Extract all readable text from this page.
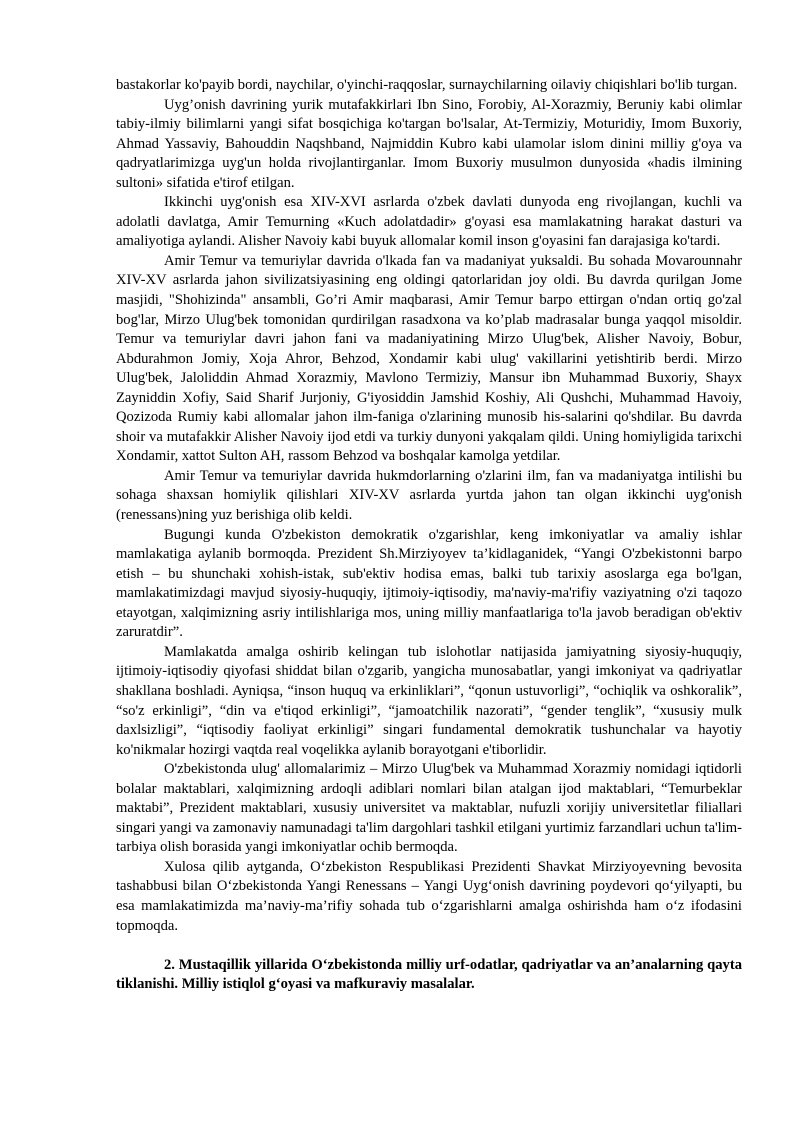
bastakorlar ko'payib bordi, naychilar, o'yinchi-raqqoslar, surnaychilarning oilaviy chiqishlari bo'lib turgan.

Uyg’onish davrining yurik mutafakkirlari Ibn Sino, Forobiy, Al-Xorazmiy, Beruniy kabi olimlar tabiy-ilmiy bilimlarni yangi sifat bosqichiga ko'targan bo'lsalar, At-Termiziy, Moturidiy, Imom Buxoriy, Ahmad Yassaviy, Bahouddin Naqshband, Najmiddin Kubro kabi ulamolar islom dinini milliy g'oya va qadryatlarimizga uyg'un holda rivojlantirganlar. Imom Buxoriy musulmon dunyosida «hadis ilmining sultoni» sifatida e'tirof etilgan.

Ikkinchi uyg'onish esa XIV-XVI asrlarda o'zbek davlati dunyoda eng rivojlangan, kuchli va adolatli davlatga, Amir Temurning «Kuch adolatdadir» g'oyasi esa mamlakatning harakat dasturi va amaliyotiga aylandi. Alisher Navoiy kabi buyuk allomalar komil inson g'oyasini fan darajasiga ko'tardi.

Amir Temur va temuriylar davrida o'lkada fan va madaniyat yuksaldi. Bu sohada Movarounnahr XIV-XV asrlarda jahon sivilizatsiyasining eng oldingi qatorlaridan joy oldi. Bu davrda qurilgan Jome masjidi, "Shohizinda" ansambli, Go’ri Amir maqbarasi, Amir Temur barpo ettirgan o'ndan ortiq go'zal bog'lar, Mirzo Ulug'bek tomonidan qurdirilgan rasadxona va ko’plab madrasalar bunga yaqqol misoldir. Temur va temuriylar davri jahon fani va madaniyatining Mirzo Ulug'bek, Alisher Navoiy, Bobur, Abdurahmon Jomiy, Xoja Ahror, Behzod, Xondamir kabi ulug' vakillarini yetishtirib berdi. Mirzo Ulug'bek, Jaloliddin Ahmad Xorazmiy, Mavlono Termiziy, Mansur ibn Muhammad Buxoriy, Shayx Zayniddin Xofiy, Said Sharif Jurjoniy, G'iyosiddin Jamshid Koshiy, Ali Qushchi, Muhammad Havoiy, Qozizoda Rumiy kabi allomalar jahon ilm-faniga o'zlarining munosib his-salarini qo'shdilar. Bu davrda shoir va mutafakkir Alisher Navoiy ijod etdi va turkiy dunyoni yakqalam qildi. Uning homiyligida tarixchi Xondamir, xattot Sulton AH, rassom Behzod va boshqalar kamolga yetdilar.

Amir Temur va temuriylar davrida hukmdorlarning o'zlarini ilm, fan va madaniyatga intilishi bu sohaga shaxsan homiylik qilishlari XIV-XV asrlarda yurtda jahon tan olgan ikkinchi uyg'onish (renessans)ning yuz berishiga olib keldi.

Bugungi kunda O'zbekiston demokratik o'zgarishlar, keng imkoniyatlar va amaliy ishlar mamlakatiga aylanib bormoqda. Prezident Sh.Mirziyoyev ta’kidlaganidek, “Yangi O'zbekistonni barpo etish – bu shunchaki xohish-istak, sub'ektiv hodisa emas, balki tub tarixiy asoslarga ega bo'lgan, mamlakatimizdagi mavjud siyosiy-huquqiy, ijtimoiy-iqtisodiy, ma'naviy-ma'rifiy vaziyatning o'zi taqozo etayotgan, xalqimizning asriy intilishlariga mos, uning milliy manfaatlariga to'la javob beradigan ob'ektiv zaruratdir”.

Mamlakatda amalga oshirib kelingan tub islohotlar natijasida jamiyatning siyosiy-huquqiy, ijtimoiy-iqtisodiy qiyofasi shiddat bilan o'zgarib, yangicha munosabatlar, yangi imkoniyat va qadriyatlar shakllana boshladi. Ayniqsa, “inson huquq va erkinliklari”, “qonun ustuvorligi”, “ochiqlik va oshkoralik”, “so'z erkinligi”, “din va e'tiqod erkinligi”, “jamoatchilik nazorati”, “gender tenglik”, “xususiy mulk daxlsizligi”, “iqtisodiy faoliyat erkinligi” singari fundamental demokratik tushunchalar va hayotiy ko'nikmalar hozirgi vaqtda real voqelikka aylanib borayotgani e'tiborlidir.

O'zbekistonda ulug' allomalarimiz – Mirzo Ulug'bek va Muhammad Xorazmiy nomidagi iqtidorli bolalar maktablari, xalqimizning ardoqli adiblari nomlari bilan atalgan ijod maktablari, “Temurbeklar maktabi”, Prezident maktablari, xususiy universitet va maktablar, nufuzli xorijiy universitetlar filiallari singari yangi va zamonaviy namunadagi ta'lim dargohlari tashkil etilgani yurtimiz farzandlari uchun ta'lim-tarbiya olish borasida yangi imkoniyatlar ochib bermoqda.

Xulosa qilib aytganda, O‘zbekiston Respublikasi Prezidenti Shavkat Mirziyoyevning bevosita tashabbusi bilan O‘zbekistonda Yangi Renessans – Yangi Uyg‘onish davrining poydevori qo‘yilyapti, bu esa mamlakatimizda ma’naviy-ma’rifiy sohada tub o‘zgarishlarni amalga oshirishda ham o‘z ifodasini topmoqda.

2. Mustaqillik yillarida O‘zbekistonda milliy urf-odatlar, qadriyatlar va an’analarning qayta tiklanishi. Milliy istiqlol g‘oyasi va mafkuraviy masalalar.
